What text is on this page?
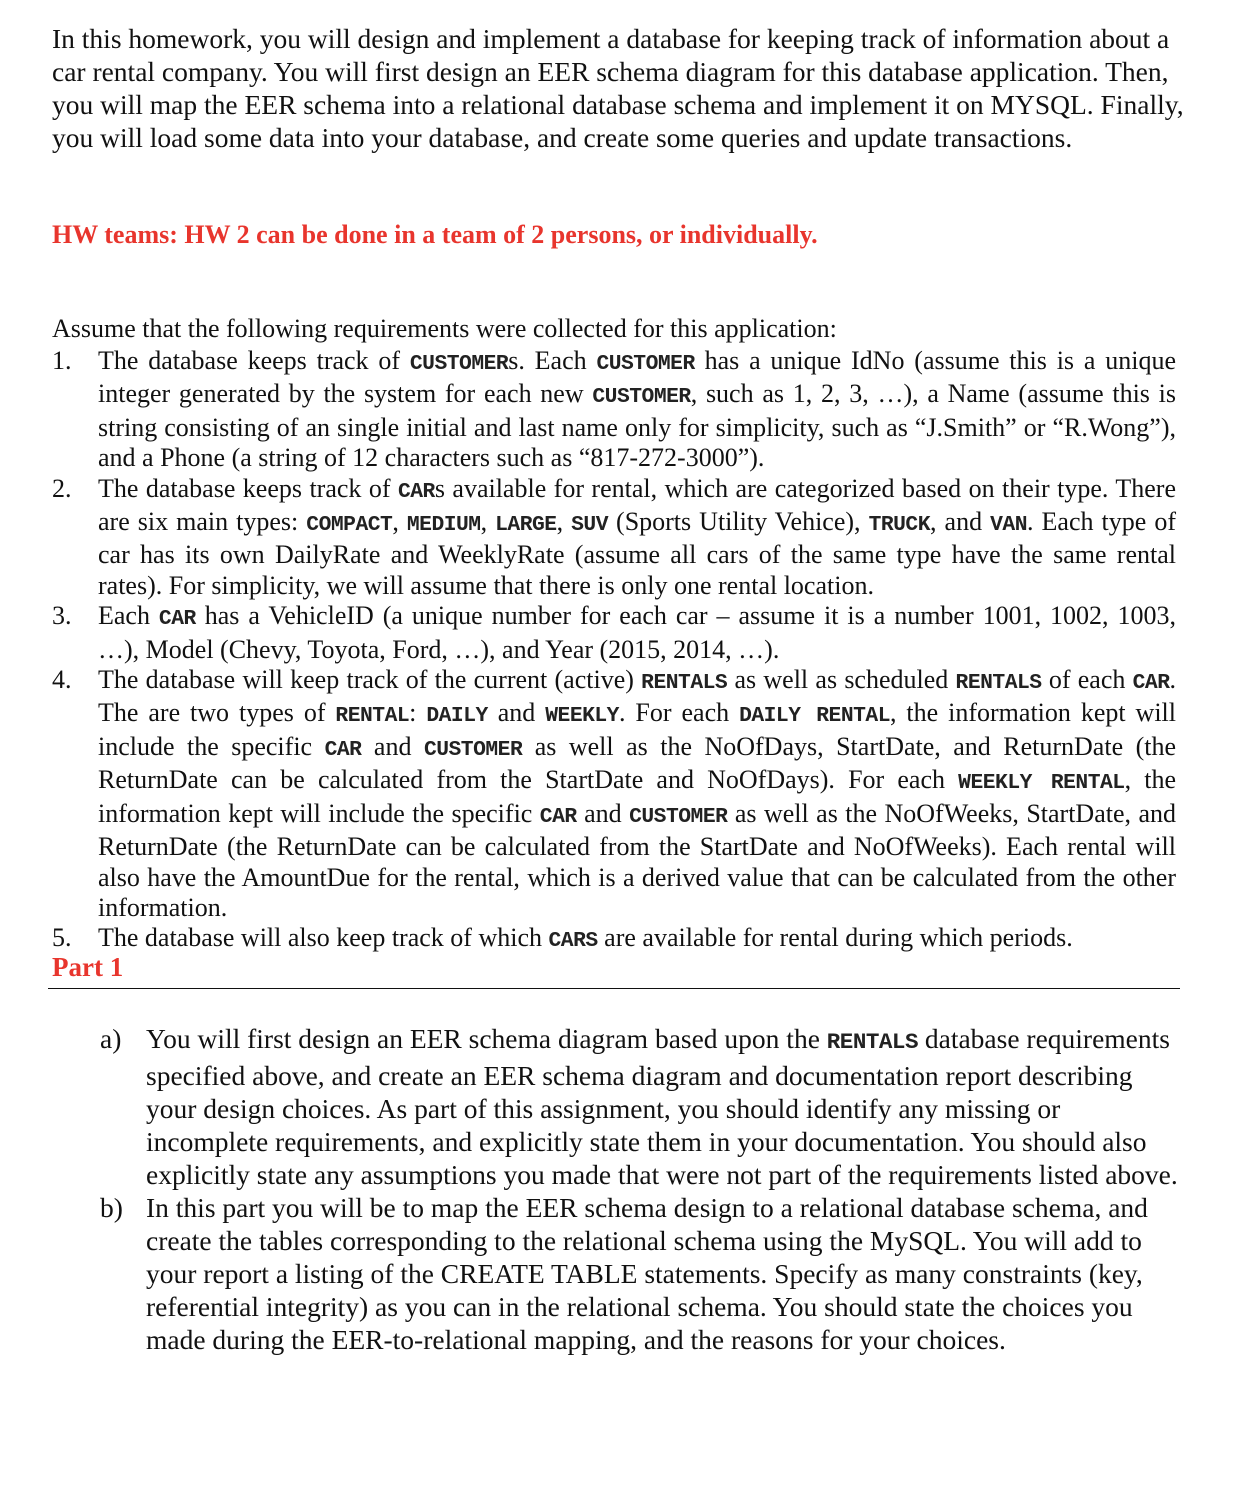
In this homework, you will design and implement a database for keeping track of information about a car rental company. You will first design an EER schema diagram for this database application. Then, you will map the EER schema into a relational database schema and implement it on MYSQL. Finally, you will load some data into your database, and create some queries and update transactions.

HW teams: HW 2 can be done in a team of 2 persons, or individually.

Assume that the following requirements were collected for this application:

1. The database keeps track of CUSTOMERs. Each CUSTOMER has a unique IdNo (assume this is a unique integer generated by the system for each new CUSTOMER, such as 1, 2, 3, …), a Name (assume this is string consisting of an single initial and last name only for simplicity, such as “J.Smith” or “R.Wong”), and a Phone (a string of 12 characters such as “817-272-3000”).
2. The database keeps track of CARs available for rental, which are categorized based on their type. There are six main types: COMPACT, MEDIUM, LARGE, SUV (Sports Utility Vehice), TRUCK, and VAN. Each type of car has its own DailyRate and WeeklyRate (assume all cars of the same type have the same rental rates). For simplicity, we will assume that there is only one rental location.
3. Each CAR has a VehicleID (a unique number for each car – assume it is a number 1001, 1002, 1003, …), Model (Chevy, Toyota, Ford, …), and Year (2015, 2014, …).
4. The database will keep track of the current (active) RENTALS as well as scheduled RENTALS of each CAR. The are two types of RENTAL: DAILY and WEEKLY. For each DAILY RENTAL, the information kept will include the specific CAR and CUSTOMER as well as the NoOfDays, StartDate, and ReturnDate (the ReturnDate can be calculated from the StartDate and NoOfDays). For each WEEKLY RENTAL, the information kept will include the specific CAR and CUSTOMER as well as the NoOfWeeks, StartDate, and ReturnDate (the ReturnDate can be calculated from the StartDate and NoOfWeeks). Each rental will also have the AmountDue for the rental, which is a derived value that can be calculated from the other information.
5. The database will also keep track of which CARS are available for rental during which periods.
Part 1
a) You will first design an EER schema diagram based upon the RENTALS database requirements specified above, and create an EER schema diagram and documentation report describing your design choices. As part of this assignment, you should identify any missing or incomplete requirements, and explicitly state them in your documentation. You should also explicitly state any assumptions you made that were not part of the requirements listed above.
b) In this part you will be to map the EER schema design to a relational database schema, and create the tables corresponding to the relational schema using the MySQL. You will add to your report a listing of the CREATE TABLE statements. Specify as many constraints (key, referential integrity) as you can in the relational schema. You should state the choices you made during the EER-to-relational mapping, and the reasons for your choices.
